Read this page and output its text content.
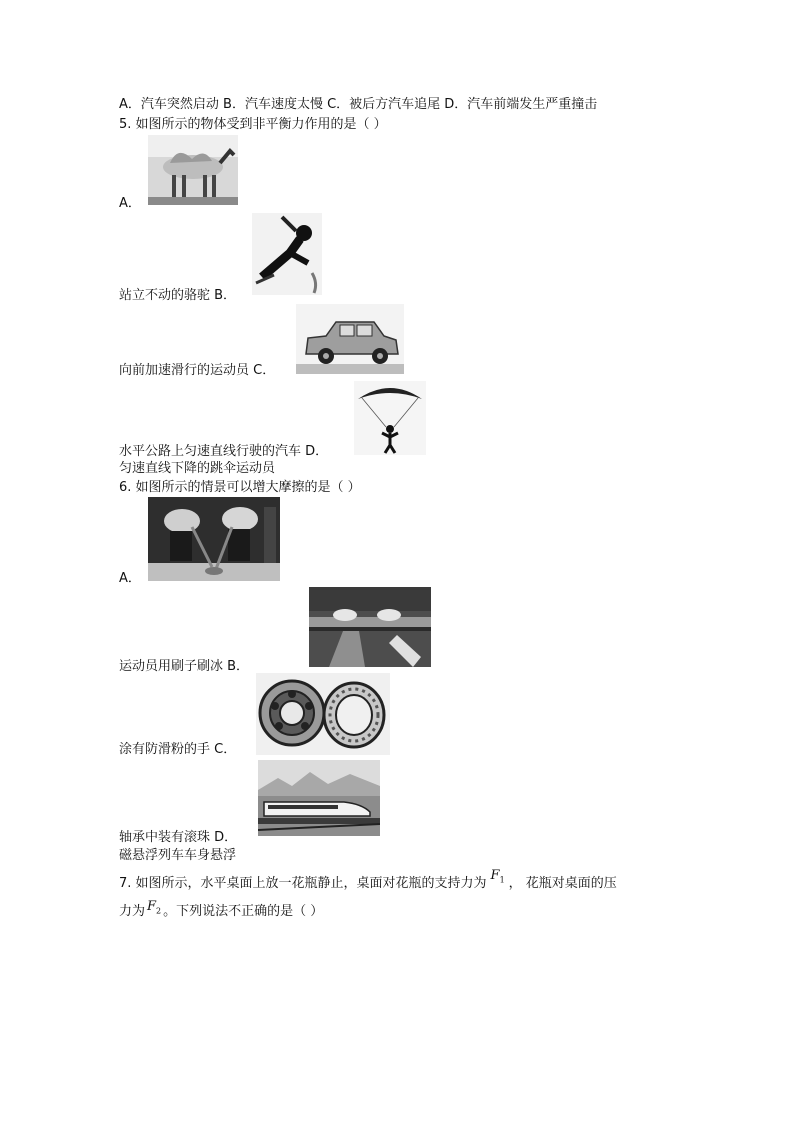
A．汽车突然启动 B．汽车速度太慢 C．被后方汽车追尾 D．汽车前端发生严重撞击
5. 如图所示的物体受到非平衡力作用的是（ ）
A．
站立不动的骆驼 B．
向前加速滑行的运动员 C．
水平公路上匀速直线行驶的汽车 D．
匀速直线下降的跳伞运动员
6. 如图所示的情景可以增大摩擦的是（ ）
A．
运动员用刷子刷冰 B．
涂有防滑粉的手 C．
轴承中装有滚珠 D．
磁悬浮列车车身悬浮
7. 如图所示，水平桌面上放一花瓶静止，桌面对花瓶的支持力为$F_1$ ， 花瓶对桌面的压
力为 $F_2$ 。下列说法不正确的是（ ）
